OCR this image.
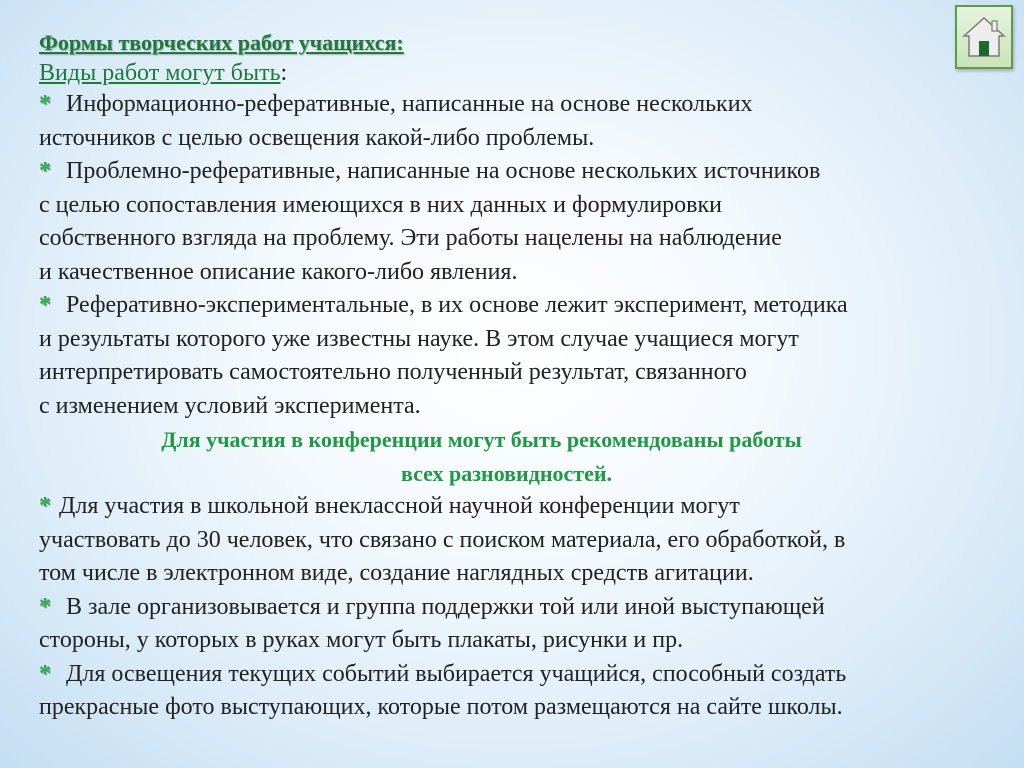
Формы творческих работ учащихся:
Виды работ могут быть:

* Информационно-реферативные, написанные на основе нескольких

источников с целью освещения какой-либо проблемы.

* Проблемно-реферативные, написанные на основе нескольких источников

с целью сопоставления имеющихся в них данных и формулировки

собственного взгляда на проблему. Эти работы нацелены на наблюдение

и качественное описание какого-либо явления.

* Реферативно-экспериментальные, в их основе лежит эксперимент, методика

и результаты которого уже известны науке. В этом случае учащиеся могут

интерпретировать самостоятельно полученный результат, связанного

с изменением условий эксперимента.

Для участия в конференции могут быть рекомендованы работы

всех разновидностей.

* Для участия в школьной внеклассной научной конференции могут

участвовать до 30 человек, что связано с поиском материала, его обработкой, в

том числе в электронном виде, создание наглядных средств агитации.

* В зале организовывается и группа поддержки той или иной выступающей

стороны, у которых в руках могут быть плакаты, рисунки и пр.

* Для освещения текущих событий выбирается учащийся, способный создать

прекрасные фото выступающих, которые потом размещаются на сайте школы.
